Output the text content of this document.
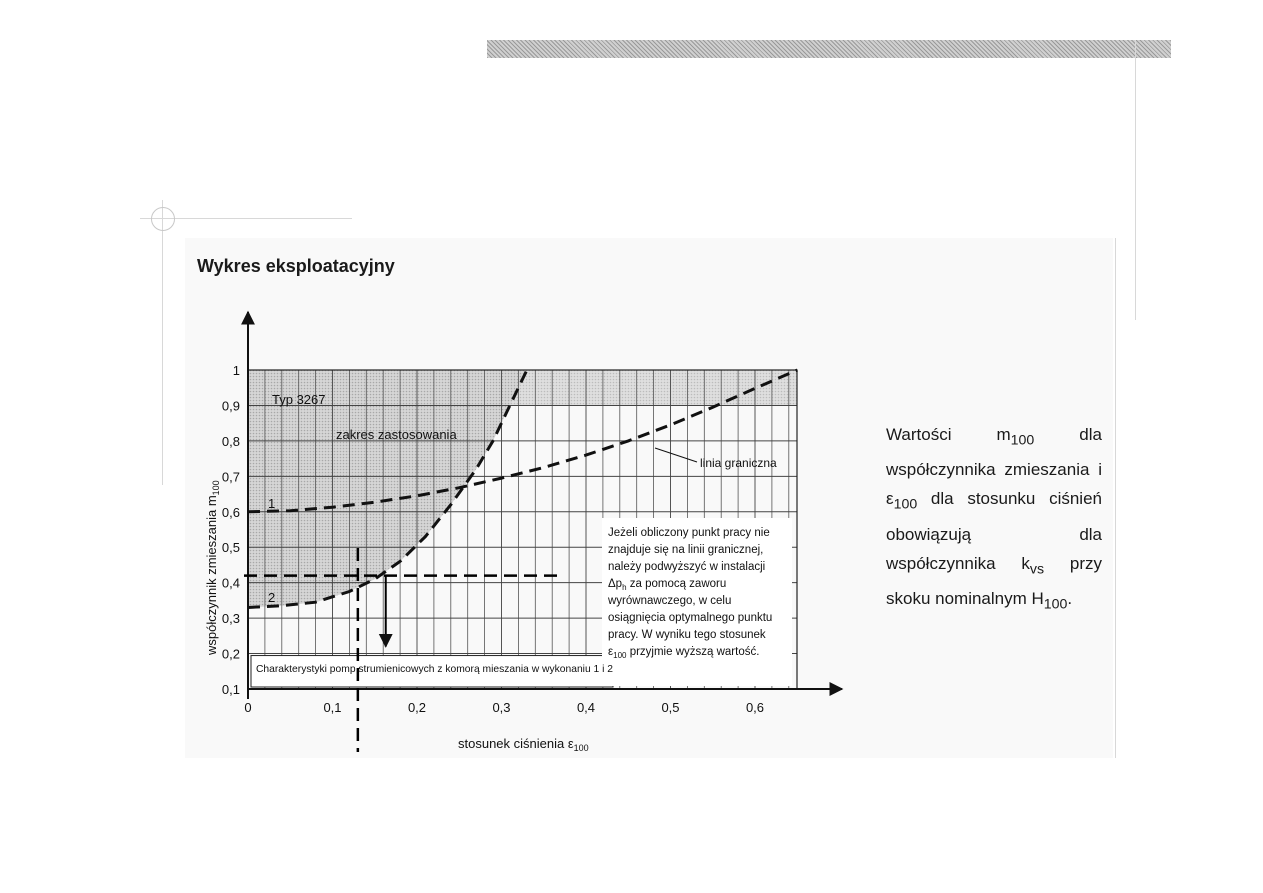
Wykres eksploatacyjny
0,1
0,2
0,3
0,4
0,5
0,6
0,7
0,8
0,9
1
0	0,1	0,2	0,3	0,4	0,5	0,6
Typ 3267
zakres zastosowania
linia graniczna
1
2
Charakterystyki pomp strumienicowych z komorą mieszania w wykonaniu 1 i 2
Jeżeli obliczony punkt pracy nie
znajduje się na linii granicznej,
należy podwyższyć w instalacji
$\Delta p_h$ za pomocą zaworu
wyrównawczego, w celu
osiągnięcia optymalnego punktu
pracy. W wyniku tego stosunek
$\varepsilon_{100}$ przyjmie wyższą wartość.
stosunek ciśnienia $\varepsilon_{100}$
współczynnik zmieszania $m_{100}$

Wartości $m_{100}$ dla współczynnika zmieszania i $\varepsilon_{100}$ dla stosunku ciśnień obowiązują dla współczynnika $k_{vs}$ przy skoku nominalnym $H_{100}$.
